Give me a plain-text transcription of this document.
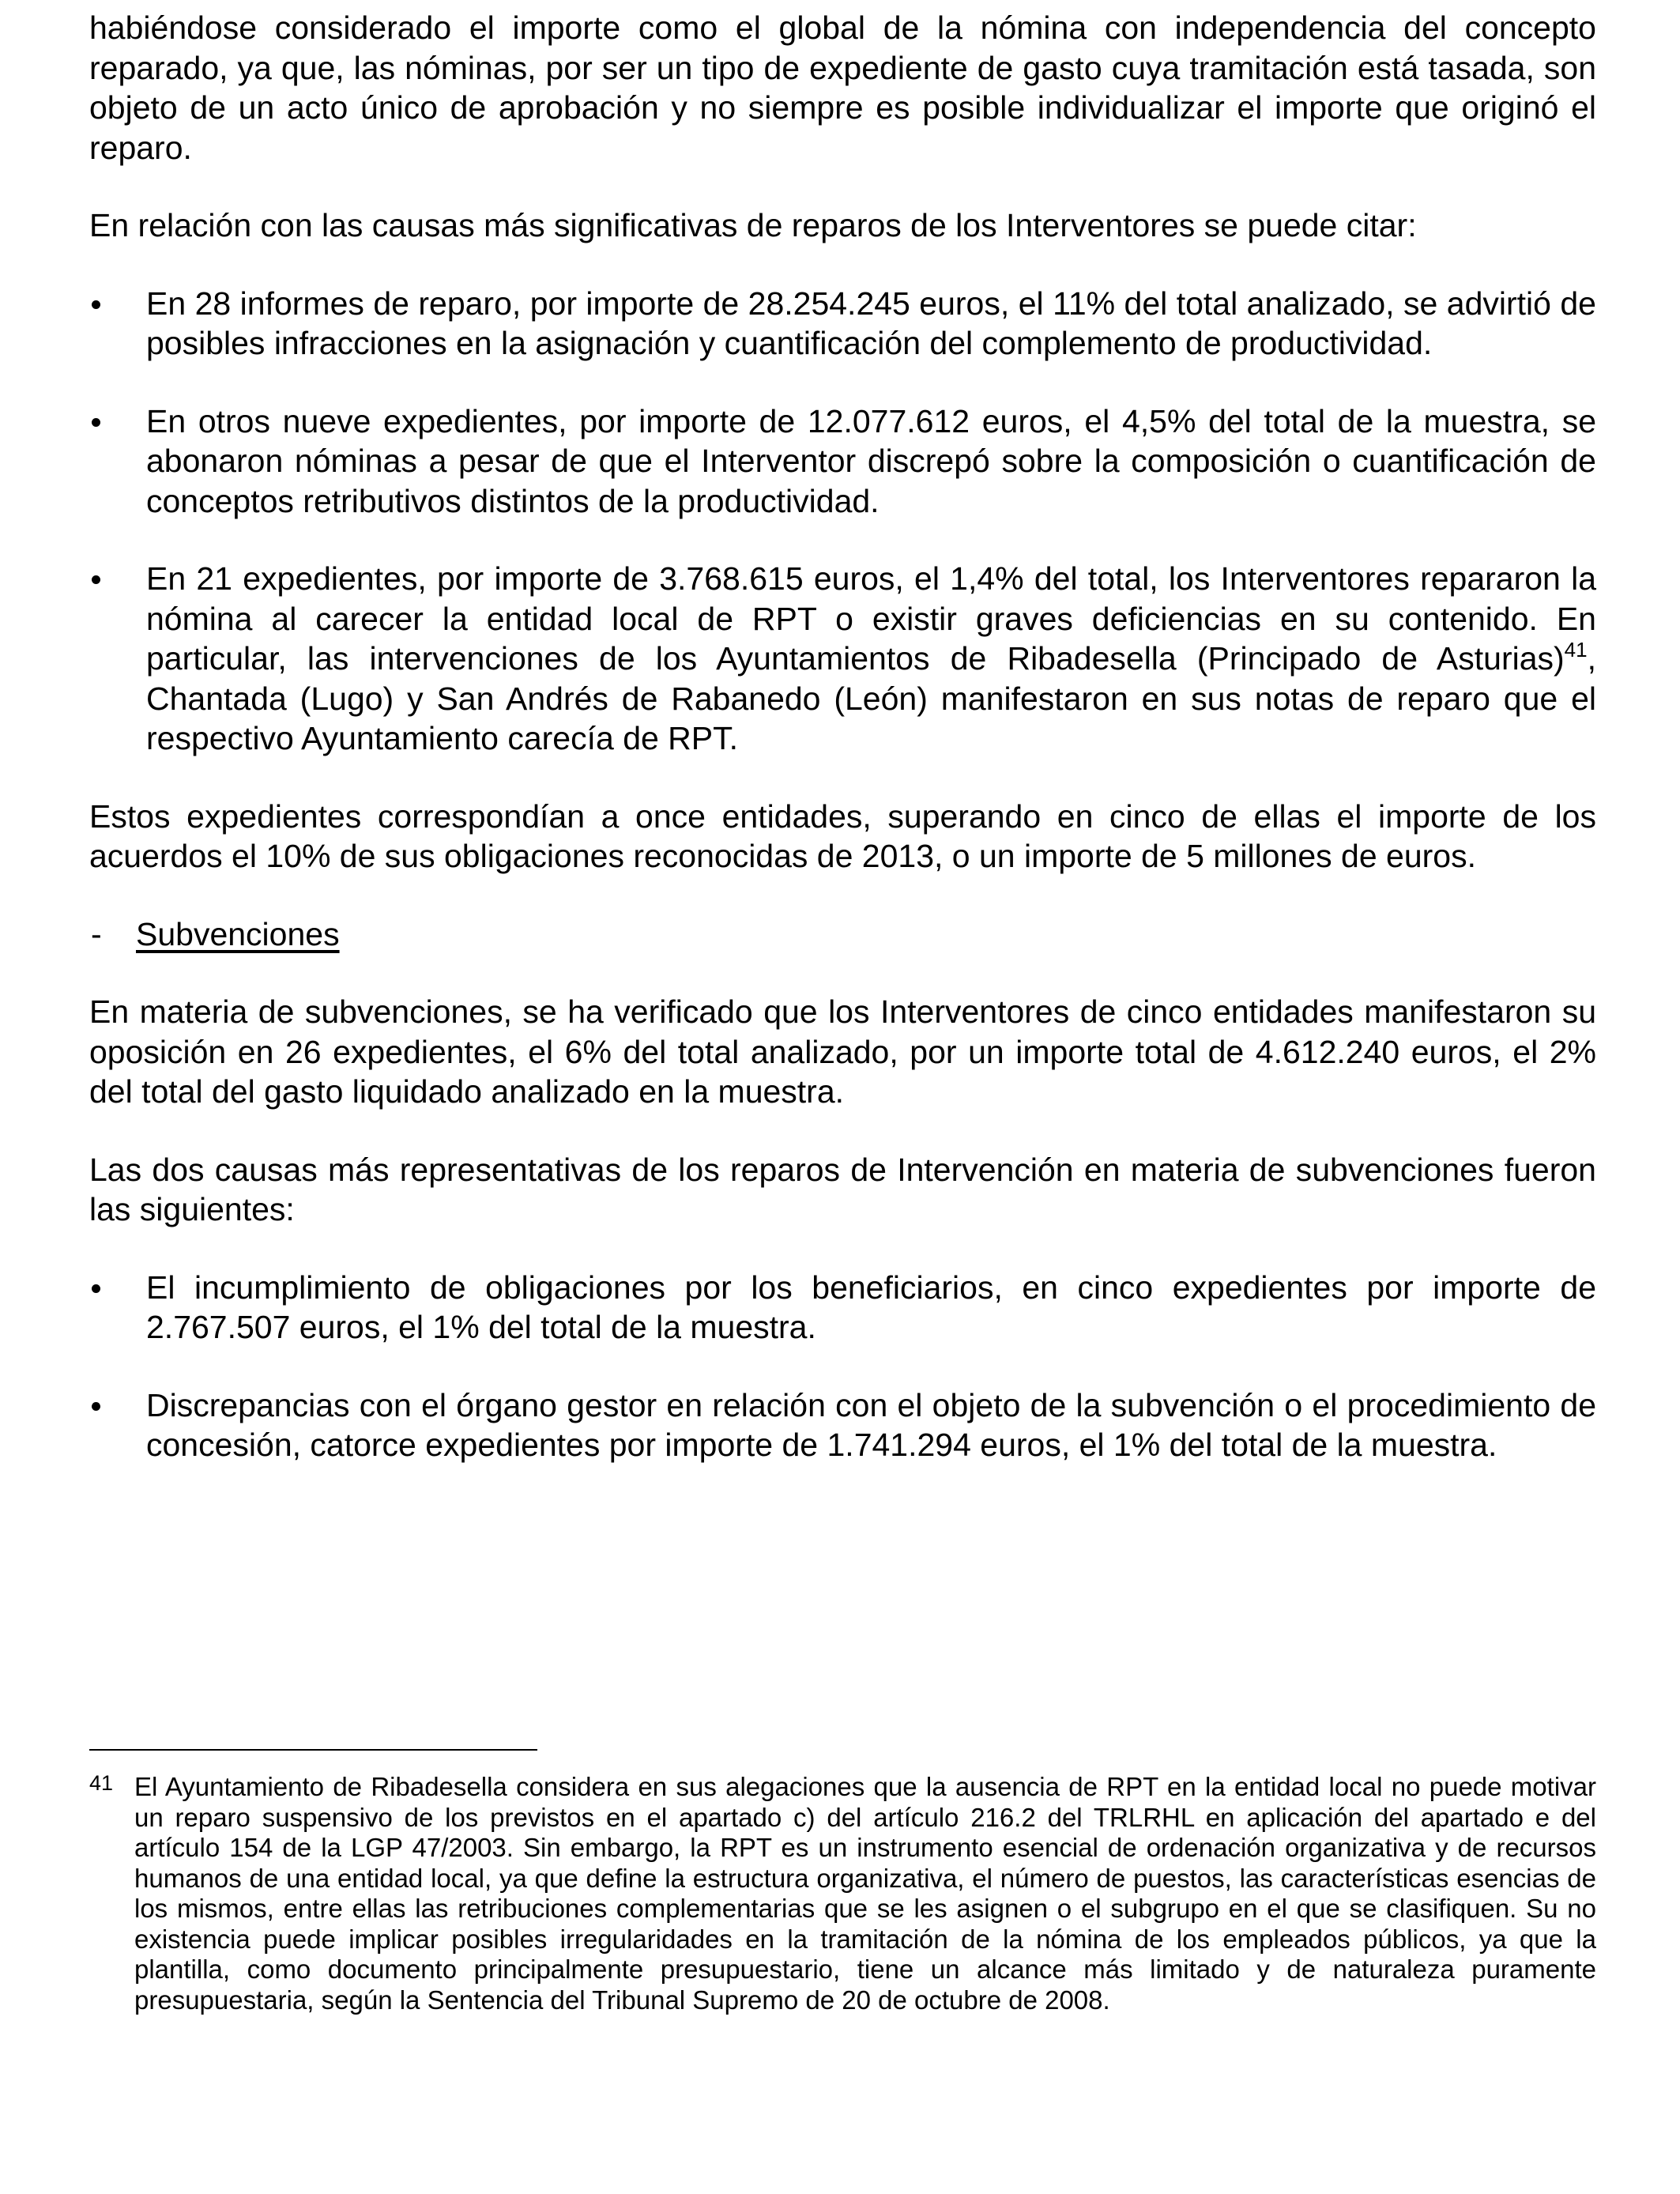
habiéndose considerado el importe como el global de la nómina con independencia del concepto reparado, ya que, las nóminas, por ser un tipo de expediente de gasto cuya tramitación está tasada, son objeto de un acto único de aprobación y no siempre es posible individualizar el importe que originó el reparo.

En relación con las causas más significativas de reparos de los Interventores se puede citar:

En 28 informes de reparo, por importe de 28.254.245 euros, el 11% del total analizado, se advirtió de posibles infracciones en la asignación y cuantificación del complemento de productividad.
En otros nueve expedientes, por importe de 12.077.612 euros, el 4,5% del total de la muestra, se abonaron nóminas a pesar de que el Interventor discrepó sobre la composición o cuantificación de conceptos retributivos distintos de la productividad.
En 21 expedientes, por importe de 3.768.615 euros, el 1,4% del total, los Interventores repararon la nómina al carecer la entidad local de RPT o existir graves deficiencias en su contenido. En particular, las intervenciones de los Ayuntamientos de Ribadesella (Principado de Asturias)$^{41}$, Chantada (Lugo) y San Andrés de Rabanedo (León) manifestaron en sus notas de reparo que el respectivo Ayuntamiento carecía de RPT.

Estos expedientes correspondían a once entidades, superando en cinco de ellas el importe de los acuerdos el 10% de sus obligaciones reconocidas de 2013, o un importe de 5 millones de euros.

-	Subvenciones

En materia de subvenciones, se ha verificado que los Interventores de cinco entidades manifestaron su oposición en 26 expedientes, el 6% del total analizado, por un importe total de 4.612.240 euros, el 2% del total del gasto liquidado analizado en la muestra.

Las dos causas más representativas de los reparos de Intervención en materia de subvenciones fueron las siguientes:

El incumplimiento de obligaciones por los beneficiarios, en cinco expedientes por importe de 2.767.507 euros, el 1% del total de la muestra.
Discrepancias con el órgano gestor en relación con el objeto de la subvención o el procedimiento de concesión, catorce expedientes por importe de 1.741.294 euros, el 1% del total de la muestra.
41 El Ayuntamiento de Ribadesella considera en sus alegaciones que la ausencia de RPT en la entidad local no puede motivar un reparo suspensivo de los previstos en el apartado c) del artículo 216.2 del TRLRHL en aplicación del apartado e del artículo 154 de la LGP 47/2003. Sin embargo, la RPT es un instrumento esencial de ordenación organizativa y de recursos humanos de una entidad local, ya que define la estructura organizativa, el número de puestos, las características esencias de los mismos, entre ellas las retribuciones complementarias que se les asignen o el subgrupo en el que se clasifiquen. Su no existencia puede implicar posibles irregularidades en la tramitación de la nómina de los empleados públicos, ya que la plantilla, como documento principalmente presupuestario, tiene un alcance más limitado y de naturaleza puramente presupuestaria, según la Sentencia del Tribunal Supremo de 20 de octubre de 2008.
